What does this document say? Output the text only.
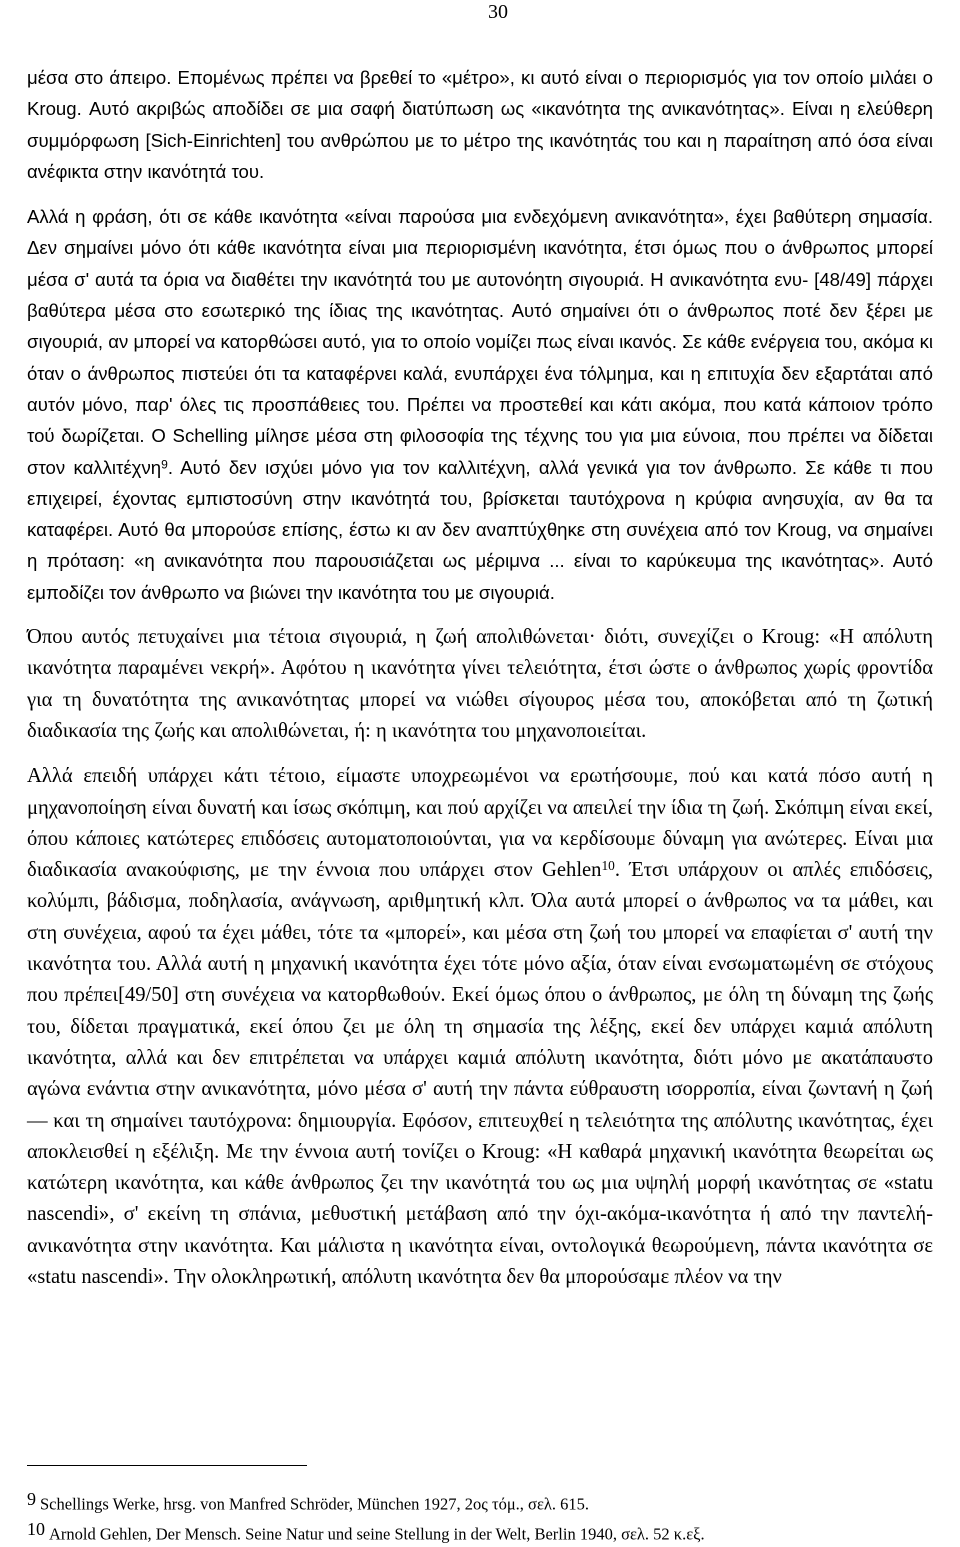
30

μέσα στο άπειρο. Επομένως πρέπει να βρεθεί το «μέτρο», κι αυτό είναι ο περιορισμός για τον οποίο μιλάει ο Kroug. Αυτό ακριβώς αποδίδει σε μια σαφή διατύπωση ως «ικανότητα της ανικανότητας». Είναι η ελεύθερη συμμόρφωση [Sich-Einrichten] του ανθρώπου με το μέτρο της ικανότητάς του και η παραίτηση από όσα είναι ανέφικτα στην ικανότητά του.

Αλλά η φράση, ότι σε κάθε ικανότητα «είναι παρούσα μια ενδεχόμενη ανικανότητα», έχει βαθύτερη σημασία. Δεν σημαίνει μόνο ότι κάθε ικανότητα είναι μια περιορισμένη ικανότητα, έτσι όμως που ο άνθρωπος μπορεί μέσα σ' αυτά τα όρια να διαθέτει την ικανότητά του με αυτονόητη σιγουριά. Η ανικανότητα ενυ- [48/49] πάρχει βαθύτερα μέσα στο εσωτερικό της ίδιας της ικανότητας. Αυτό σημαίνει ότι ο άνθρωπος ποτέ δεν ξέρει με σιγουριά, αν μπορεί να κατορθώσει αυτό, για το οποίο νομίζει πως είναι ικανός. Σε κάθε ενέργεια του, ακόμα κι όταν ο άνθρωπος πιστεύει ότι τα καταφέρνει καλά, ενυπάρχει ένα τόλμημα, και η επιτυχία δεν εξαρτάται από αυτόν μόνο, παρ' όλες τις προσπάθειες του. Πρέπει να προστεθεί και κάτι ακόμα, που κατά κάποιον τρόπο τού δωρίζεται. Ο Schelling μίλησε μέσα στη φιλοσοφία της τέχνης του για μια εύνοια, που πρέπει να δίδεται στον καλλιτέχνη$^9$. Αυτό δεν ισχύει μόνο για τον καλλιτέχνη, αλλά γενικά για τον άνθρωπο. Σε κάθε τι που επιχειρεί, έχοντας εμπιστοσύνη στην ικανότητά του, βρίσκεται ταυτόχρονα η κρύφια ανησυχία, αν θα τα καταφέρει. Αυτό θα μπορούσε επίσης, έστω κι αν δεν αναπτύχθηκε στη συνέχεια από τον Kroug, να σημαίνει η πρόταση: «η ανικανότητα που παρουσιάζεται ως μέριμνα ... είναι το καρύκευμα της ικανότητας». Αυτό εμποδίζει τον άνθρωπο να βιώνει την ικανότητα του με σιγουριά.

Όπου αυτός πετυχαίνει μια τέτοια σιγουριά, η ζωή απολιθώνεται· διότι, συνεχίζει ο Kroug: «Η απόλυτη ικανότητα παραμένει νεκρή». Αφότου η ικανότητα γίνει τελειότητα, έτσι ώστε ο άνθρωπος χωρίς φροντίδα για τη δυνατότητα της ανικανότητας μπορεί να νιώθει σίγουρος μέσα του, αποκόβεται από τη ζωτική διαδικασία της ζωής και απολιθώνεται, ή: η ικανότητα του μηχανοποιείται.

Αλλά επειδή υπάρχει κάτι τέτοιο, είμαστε υποχρεωμένοι να ερωτήσουμε, πού και κατά πόσο αυτή η μηχανοποίηση είναι δυνατή και ίσως σκόπιμη, και πού αρχίζει να απειλεί την ίδια τη ζωή. Σκόπιμη είναι εκεί, όπου κάποιες κατώτερες επιδόσεις αυτοματοποιούνται, για να κερδίσουμε δύναμη για ανώτερες. Είναι μια διαδικασία ανακούφισης, με την έννοια που υπάρχει στον Gehlen$^{10}$. Έτσι υπάρχουν οι απλές επιδόσεις, κολύμπι, βάδισμα, ποδηλασία, ανάγνωση, αριθμητική κλπ. Όλα αυτά μπορεί ο άνθρωπος να τα μάθει, και στη συνέχεια, αφού τα έχει μάθει, τότε τα «μπορεί», και μέσα στη ζωή του μπορεί να επαφίεται σ' αυτή την ικανότητα του. Αλλά αυτή η μηχανική ικανότητα έχει τότε μόνο αξία, όταν είναι ενσωματωμένη σε στόχους που πρέπει[49/50] στη συνέχεια να κατορθωθούν. Εκεί όμως όπου ο άνθρωπος, με όλη τη δύναμη της ζωής του, δίδεται πραγματικά, εκεί όπου ζει με όλη τη σημασία της λέξης, εκεί δεν υπάρχει καμιά απόλυτη ικανότητα, αλλά και δεν επιτρέπεται να υπάρχει καμιά απόλυτη ικανότητα, διότι μόνο με ακατάπαυστο αγώνα ενάντια στην ανικανότητα, μόνο μέσα σ' αυτή την πάντα εύθραυστη ισορροπία, είναι ζωντανή η ζωή — και τη σημαίνει ταυτόχρονα: δημιουργία. Εφόσον, επιτευχθεί η τελειότητα της απόλυτης ικανότητας, έχει αποκλεισθεί η εξέλιξη. Με την έννοια αυτή τονίζει ο Kroug: «Η καθαρά μηχανική ικανότητα θεωρείται ως κατώτερη ικανότητα, και κάθε άνθρωπος ζει την ικανότητά του ως μια υψηλή μορφή ικανότητας σε «statu nascendi», σ' εκείνη τη σπάνια, μεθυστική μετάβαση από την όχι-ακόμα-ικανότητα ή από την παντελή-ανικανότητα στην ικανότητα. Και μάλιστα η ικανότητα είναι, οντολογικά θεωρούμενη, πάντα ικανότητα σε «statu nascendi». Την ολοκληρωτική, απόλυτη ικανότητα δεν θα μπορούσαμε πλέον να την

9 Schellings Werke, hrsg. von Manfred Schröder, München 1927, 2ος τόμ., σελ. 615.

10 Arnold Gehlen, Der Mensch. Seine Natur und seine Stellung in der Welt, Berlin 1940, σελ. 52 κ.εξ.
